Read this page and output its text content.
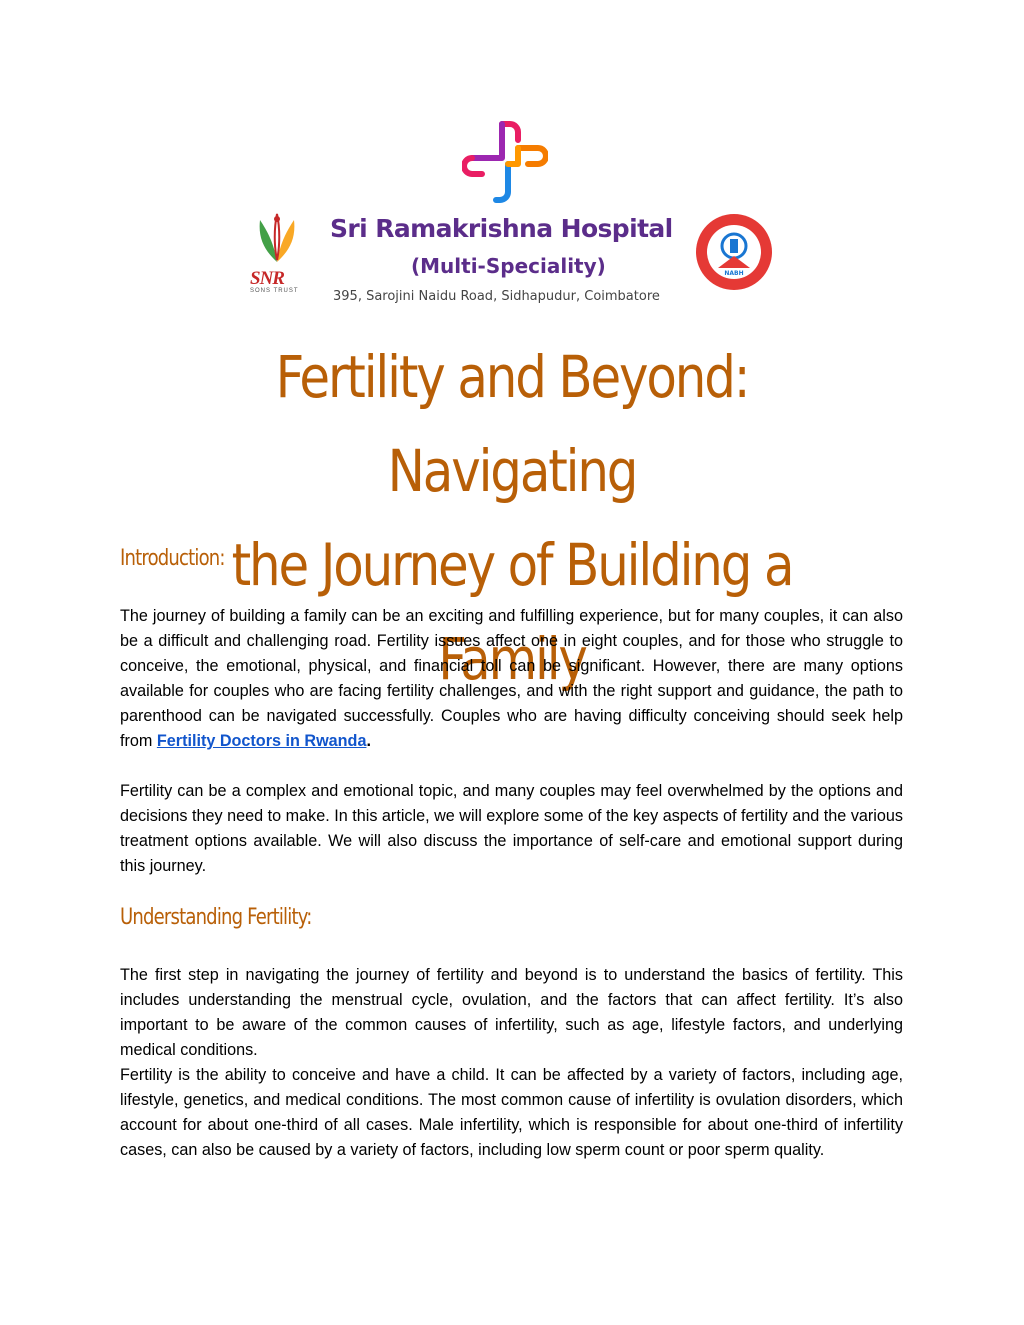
SNR
SONS TRUST
Sri Ramakrishna Hospital
(Multi-Speciality)
395, Sarojini Naidu Road, Sidhapudur, Coimbatore
NABH
Fertility and Beyond: Navigating
the Journey of Building a Family
Introduction:

The journey of building a family can be an exciting and fulfilling experience, but for many couples, it can also be a difficult and challenging road. Fertility issues affect one in eight couples, and for those who struggle to conceive, the emotional, physical, and financial toll can be significant. However, there are many options available for couples who are facing fertility challenges, and with the right support and guidance, the path to parenthood can be navigated successfully. Couples who are having difficulty conceiving should seek help from Fertility Doctors in Rwanda.

Fertility can be a complex and emotional topic, and many couples may feel overwhelmed by the options and decisions they need to make. In this article, we will explore some of the key aspects of fertility and the various treatment options available. We will also discuss the importance of self-care and emotional support during this journey.

Understanding Fertility:

The first step in navigating the journey of fertility and beyond is to understand the basics of fertility. This includes understanding the menstrual cycle, ovulation, and the factors that can affect fertility. It’s also important to be aware of the common causes of infertility, such as age, lifestyle factors, and underlying medical conditions.

Fertility is the ability to conceive and have a child. It can be affected by a variety of factors, including age, lifestyle, genetics, and medical conditions. The most common cause of infertility is ovulation disorders, which account for about one-third of all cases. Male infertility, which is responsible for about one-third of infertility cases, can also be caused by a variety of factors, including low sperm count or poor sperm quality.
